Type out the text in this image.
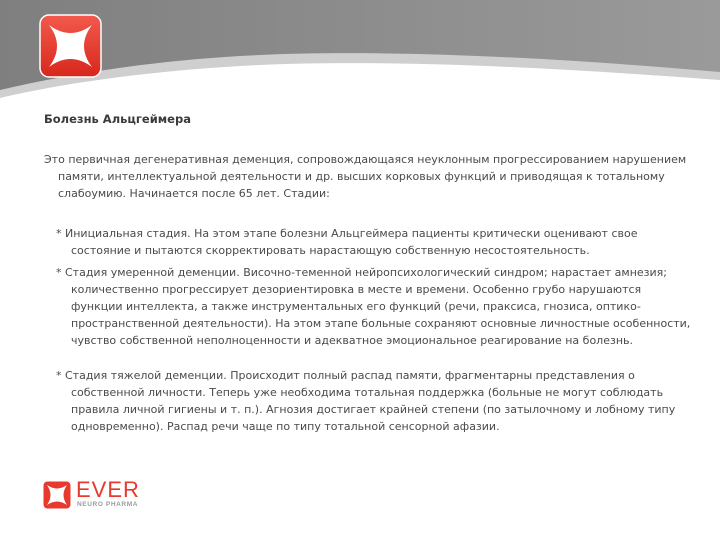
Болезнь Альцгеймера

Это первичная дегенеративная деменция, сопровождающаяся неуклонным прогрессированием нарушением памяти, интеллектуальной деятельности и др. высших корковых функций и приводящая к тотальному слабоумию. Начинается после 65 лет. Стадии:

* Инициальная стадия. На этом этапе болезни Альцгеймера пациенты критически оценивают свое состояние и пытаются скорректировать нарастающую собственную несостоятельность.

* Стадия умеренной деменции. Височно-теменной нейропсихологический синдром; нарастает амнезия; количественно прогрессирует дезориентировка в месте и времени. Особенно грубо нарушаются функции интеллекта, а также инструментальных его функций (речи, праксиса, гнозиса, оптико-пространственной деятельности). На этом этапе больные сохраняют основные личностные особенности, чувство собственной неполноценности и адекватное эмоциональное реагирование на болезнь.

* Стадия тяжелой деменции. Происходит полный распад памяти, фрагментарны представления о собственной личности. Теперь уже необходима тотальная поддержка (больные не могут соблюдать правила личной гигиены и т. п.). Агнозия достигает крайней степени (по затылочному и лобному типу одновременно). Распад речи чаще по типу тотальной сенсорной афазии.

EVER
NEURO PHARMA
